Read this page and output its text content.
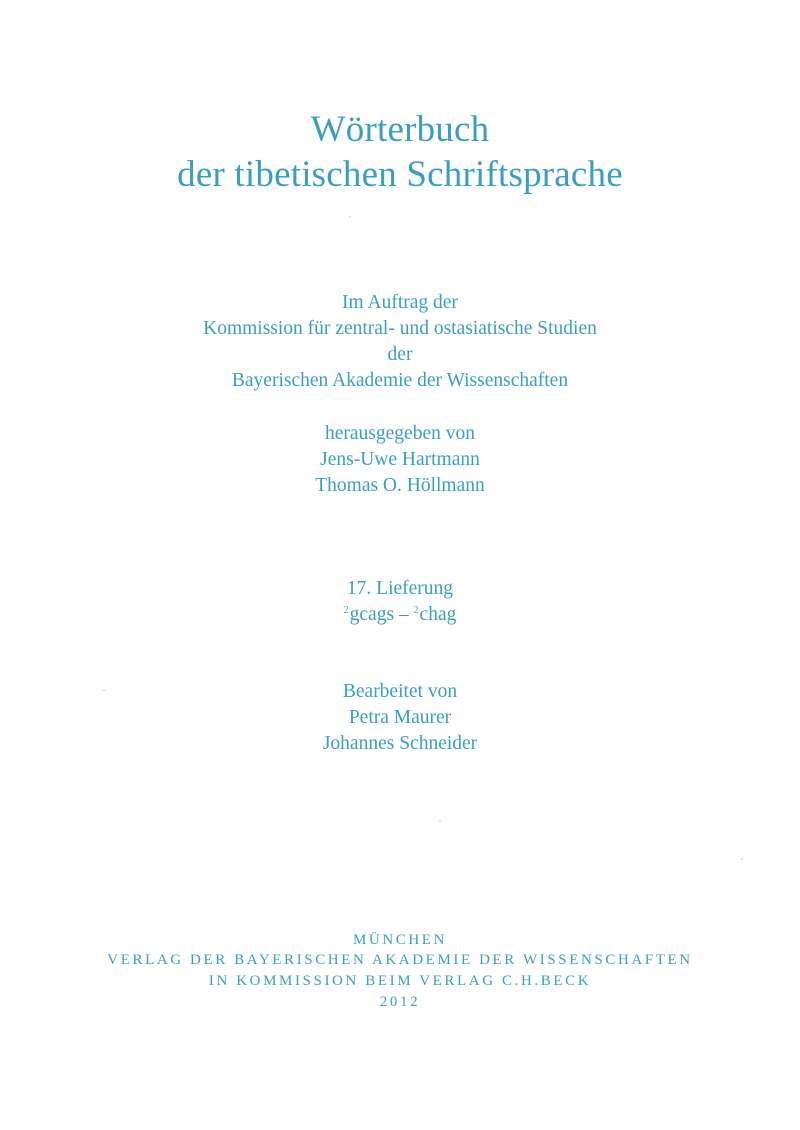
Wörterbuch
der tibetischen Schriftsprache
Im Auftrag der
Kommission für zentral- und ostasiatische Studien
der
Bayerischen Akademie der Wissenschaften
herausgegeben von
Jens-Uwe Hartmann
Thomas O. Höllmann
17. Lieferung
$^2$gcags – $^2$chag
Bearbeitet von
Petra Maurer
Johannes Schneider
MÜNCHEN
VERLAG DER BAYERISCHEN AKADEMIE DER WISSENSCHAFTEN
IN KOMMISSION BEIM VERLAG C.H.BECK
2012
